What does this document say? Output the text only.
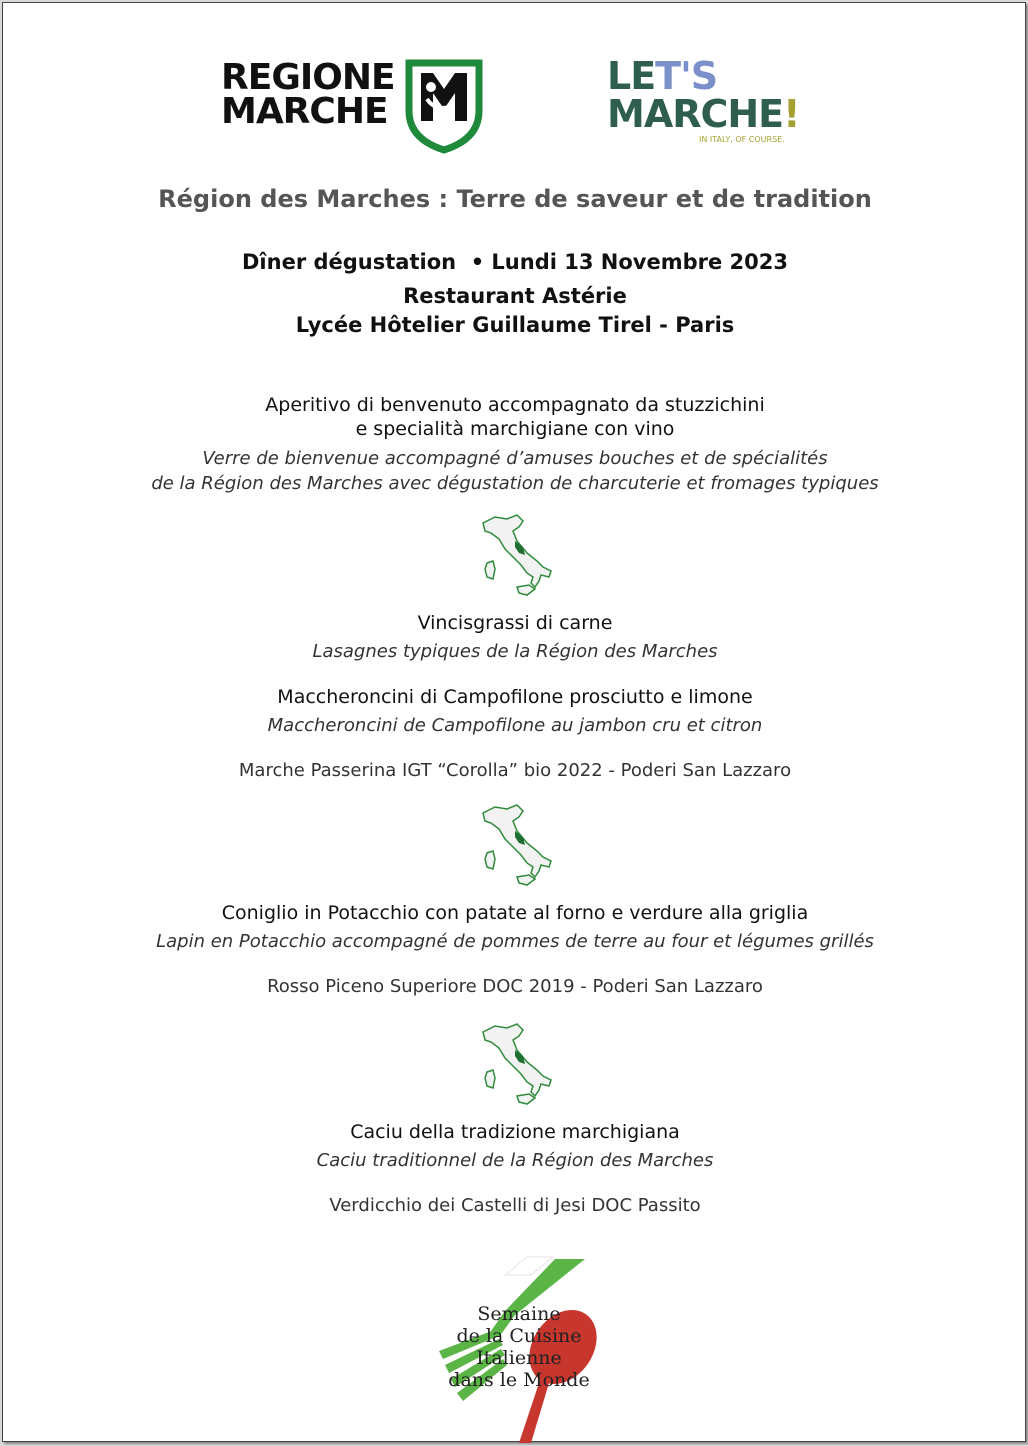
REGIONE
MARCHE
LET'S
MARCHE!
IN ITALY, OF COURSE.
Région des Marches : Terre de saveur et de tradition
Dîner dégustation  • Lundi 13 Novembre 2023
Restaurant Astérie
Lycée Hôtelier Guillaume Tirel - Paris
Aperitivo di benvenuto accompagnato da stuzzichini
e specialità marchigiane con vino
Verre de bienvenue accompagné d’amuses bouches et de spécialités
de la Région des Marches avec dégustation de charcuterie et fromages typiques
Vincisgrassi di carne
Lasagnes typiques de la Région des Marches
Maccheroncini di Campofilone prosciutto e limone
Maccheroncini de Campofilone au jambon cru et citron
Marche Passerina IGT “Corolla” bio 2022 - Poderi San Lazzaro
Coniglio in Potacchio con patate al forno e verdure alla griglia
Lapin en Potacchio accompagné de pommes de terre au four et légumes grillés
Rosso Piceno Superiore DOC 2019 - Poderi San Lazzaro
Caciu della tradizione marchigiana
Caciu traditionnel de la Région des Marches
Verdicchio dei Castelli di Jesi DOC Passito
Semaine
de la Cuisine
Italienne
dans le Monde
